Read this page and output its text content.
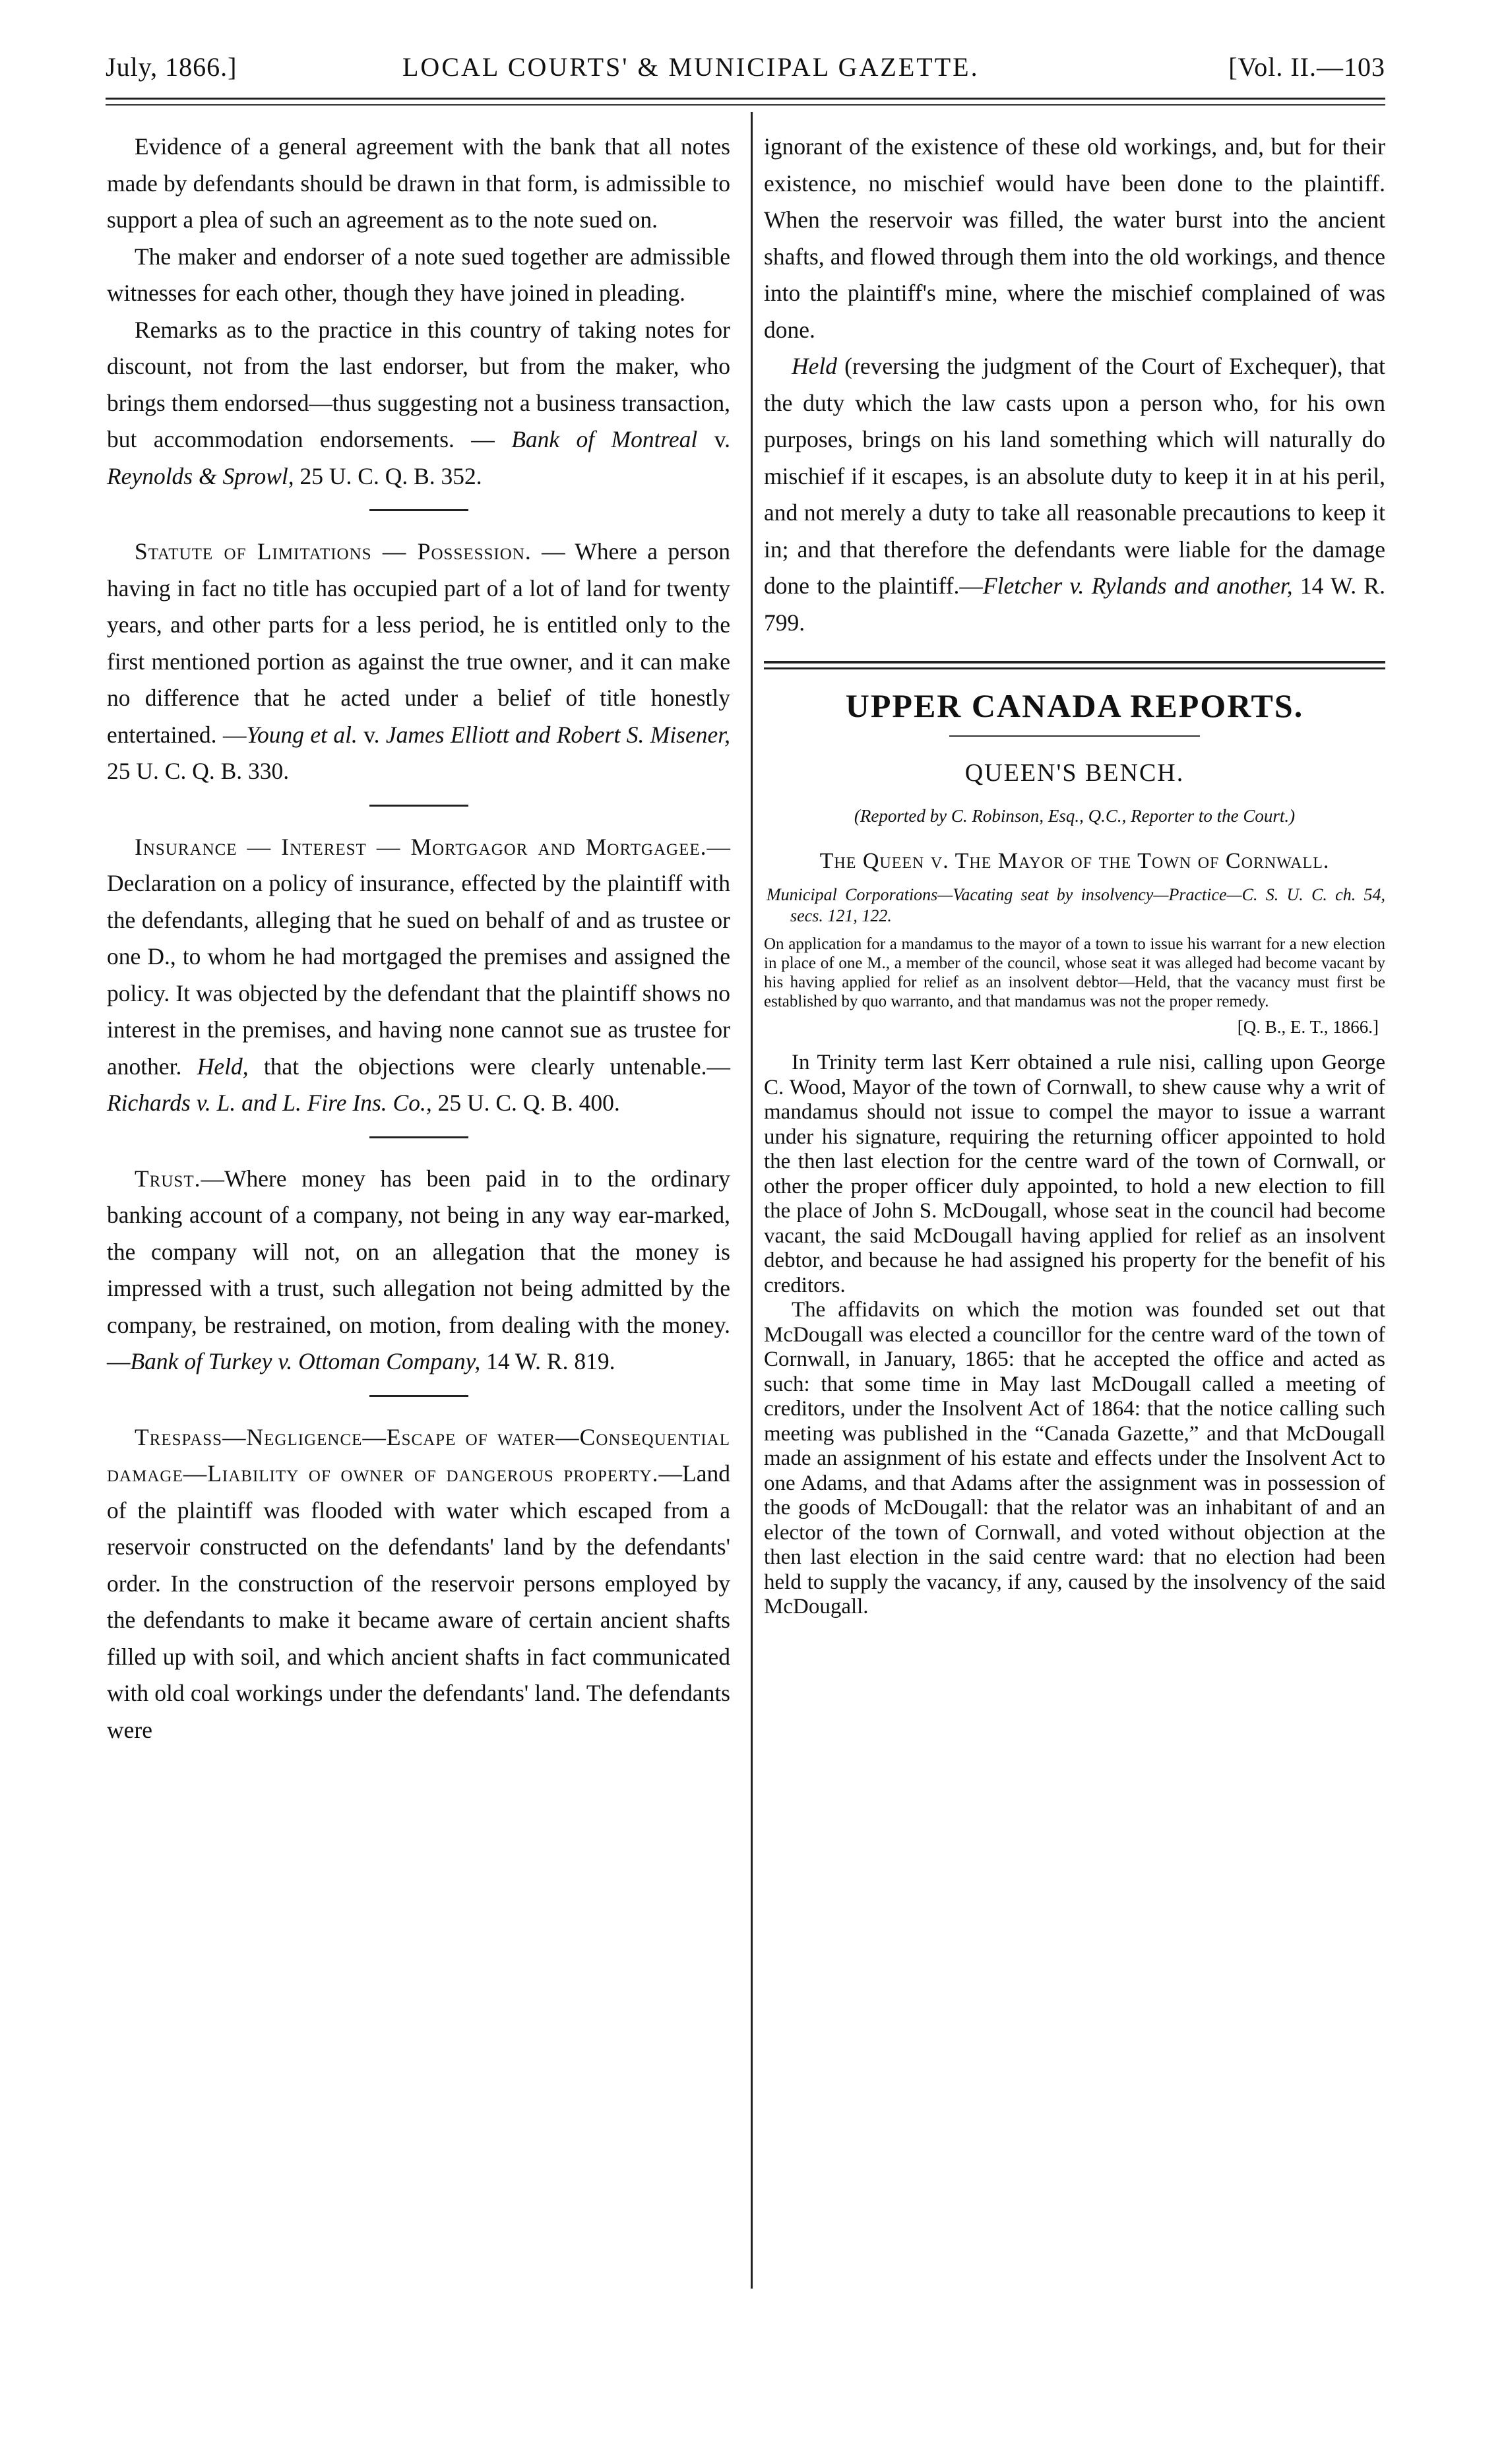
July, 1866.]	LOCAL COURTS' & MUNICIPAL GAZETTE.	[Vol. II.—103

Evidence of a general agreement with the bank that all notes made by defendants should be drawn in that form, is admissible to support a plea of such an agreement as to the note sued on.

The maker and endorser of a note sued together are admissible witnesses for each other, though they have joined in pleading.

Remarks as to the practice in this country of taking notes for discount, not from the last endorser, but from the maker, who brings them endorsed—thus suggesting not a business transaction, but accommodation endorsements. — Bank of Montreal v. Reynolds & Sprowl, 25 U. C. Q. B. 352.

Statute of Limitations — Possession. — Where a person having in fact no title has occupied part of a lot of land for twenty years, and other parts for a less period, he is entitled only to the first mentioned portion as against the true owner, and it can make no difference that he acted under a belief of title honestly entertained. —Young et al. v. James Elliott and Robert S. Misener, 25 U. C. Q. B. 330.

Insurance — Interest — Mortgagor and Mortgagee.—Declaration on a policy of insurance, effected by the plaintiff with the defendants, alleging that he sued on behalf of and as trustee or one D., to whom he had mortgaged the premises and assigned the policy. It was objected by the defendant that the plaintiff shows no interest in the premises, and having none cannot sue as trustee for another. Held, that the objections were clearly untenable.—Richards v. L. and L. Fire Ins. Co., 25 U. C. Q. B. 400.

Trust.—Where money has been paid in to the ordinary banking account of a company, not being in any way ear-marked, the company will not, on an allegation that the money is impressed with a trust, such allegation not being admitted by the company, be restrained, on motion, from dealing with the money.—Bank of Turkey v. Ottoman Company, 14 W. R. 819.

Trespass—Negligence—Escape of water—Consequential damage—Liability of owner of dangerous property.—Land of the plaintiff was flooded with water which escaped from a reservoir constructed on the defendants' land by the defendants' order. In the construction of the reservoir persons employed by the defendants to make it became aware of certain ancient shafts filled up with soil, and which ancient shafts in fact communicated with old coal workings under the defendants' land. The defendants were

ignorant of the existence of these old workings, and, but for their existence, no mischief would have been done to the plaintiff. When the reservoir was filled, the water burst into the ancient shafts, and flowed through them into the old workings, and thence into the plaintiff's mine, where the mischief complained of was done.

Held (reversing the judgment of the Court of Exchequer), that the duty which the law casts upon a person who, for his own purposes, brings on his land something which will naturally do mischief if it escapes, is an absolute duty to keep it in at his peril, and not merely a duty to take all reasonable precautions to keep it in; and that therefore the defendants were liable for the damage done to the plaintiff.—Fletcher v. Rylands and another, 14 W. R. 799.

UPPER CANADA REPORTS.
QUEEN'S BENCH.
(Reported by C. Robinson, Esq., Q.C., Reporter to the Court.)
The Queen v. The Mayor of the Town of Cornwall.
Municipal Corporations—Vacating seat by insolvency—Practice—C. S. U. C. ch. 54, secs. 121, 122.
On application for a mandamus to the mayor of a town to issue his warrant for a new election in place of one M., a member of the council, whose seat it was alleged had become vacant by his having applied for relief as an insolvent debtor—Held, that the vacancy must first be established by quo warranto, and that mandamus was not the proper remedy.
[Q. B., E. T., 1866.]

In Trinity term last Kerr obtained a rule nisi, calling upon George C. Wood, Mayor of the town of Cornwall, to shew cause why a writ of mandamus should not issue to compel the mayor to issue a warrant under his signature, requiring the returning officer appointed to hold the then last election for the centre ward of the town of Cornwall, or other the proper officer duly appointed, to hold a new election to fill the place of John S. McDougall, whose seat in the council had become vacant, the said McDougall having applied for relief as an insolvent debtor, and because he had assigned his property for the benefit of his creditors.

The affidavits on which the motion was founded set out that McDougall was elected a councillor for the centre ward of the town of Cornwall, in January, 1865: that he accepted the office and acted as such: that some time in May last McDougall called a meeting of creditors, under the Insolvent Act of 1864: that the notice calling such meeting was published in the “Canada Gazette,” and that McDougall made an assignment of his estate and effects under the Insolvent Act to one Adams, and that Adams after the assignment was in possession of the goods of McDougall: that the relator was an inhabitant of and an elector of the town of Cornwall, and voted without objection at the then last election in the said centre ward: that no election had been held to supply the vacancy, if any, caused by the insolvency of the said McDougall.
